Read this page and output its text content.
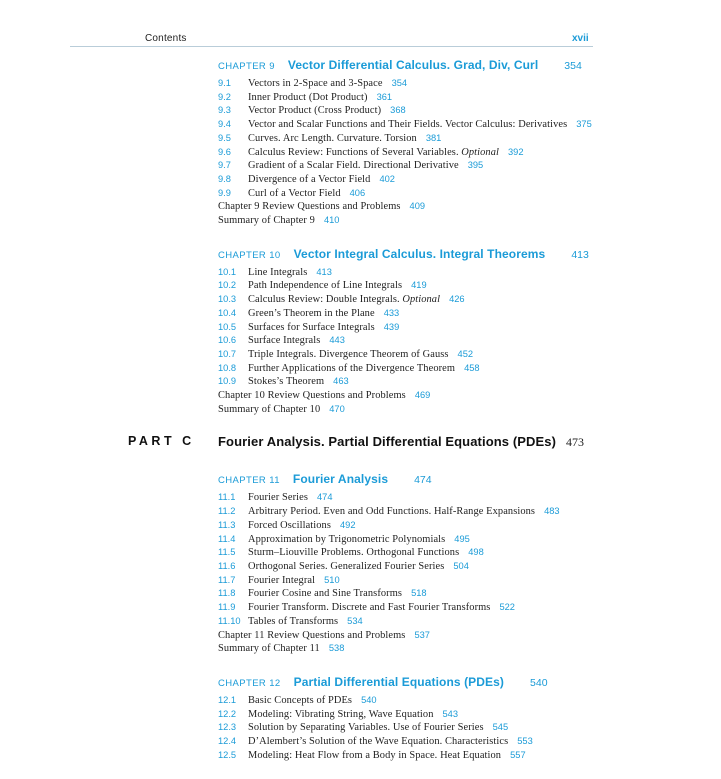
Contents	xvii
CHAPTER 9 Vector Differential Calculus. Grad, Div, Curl 354
9.1 Vectors in 2-Space and 3-Space 354
9.2 Inner Product (Dot Product) 361
9.3 Vector Product (Cross Product) 368
9.4 Vector and Scalar Functions and Their Fields. Vector Calculus: Derivatives 375
9.5 Curves. Arc Length. Curvature. Torsion 381
9.6 Calculus Review: Functions of Several Variables. Optional 392
9.7 Gradient of a Scalar Field. Directional Derivative 395
9.8 Divergence of a Vector Field 402
9.9 Curl of a Vector Field 406
Chapter 9 Review Questions and Problems 409
Summary of Chapter 9 410
CHAPTER 10 Vector Integral Calculus. Integral Theorems 413
10.1 Line Integrals 413
10.2 Path Independence of Line Integrals 419
10.3 Calculus Review: Double Integrals. Optional 426
10.4 Green’s Theorem in the Plane 433
10.5 Surfaces for Surface Integrals 439
10.6 Surface Integrals 443
10.7 Triple Integrals. Divergence Theorem of Gauss 452
10.8 Further Applications of the Divergence Theorem 458
10.9 Stokes’s Theorem 463
Chapter 10 Review Questions and Problems 469
Summary of Chapter 10 470
PART C Fourier Analysis. Partial Differential Equations (PDEs) 473
CHAPTER 11 Fourier Analysis 474
11.1 Fourier Series 474
11.2 Arbitrary Period. Even and Odd Functions. Half-Range Expansions 483
11.3 Forced Oscillations 492
11.4 Approximation by Trigonometric Polynomials 495
11.5 Sturm–Liouville Problems. Orthogonal Functions 498
11.6 Orthogonal Series. Generalized Fourier Series 504
11.7 Fourier Integral 510
11.8 Fourier Cosine and Sine Transforms 518
11.9 Fourier Transform. Discrete and Fast Fourier Transforms 522
11.10 Tables of Transforms 534
Chapter 11 Review Questions and Problems 537
Summary of Chapter 11 538
CHAPTER 12 Partial Differential Equations (PDEs) 540
12.1 Basic Concepts of PDEs 540
12.2 Modeling: Vibrating String, Wave Equation 543
12.3 Solution by Separating Variables. Use of Fourier Series 545
12.4 D’Alembert’s Solution of the Wave Equation. Characteristics 553
12.5 Modeling: Heat Flow from a Body in Space. Heat Equation 557
